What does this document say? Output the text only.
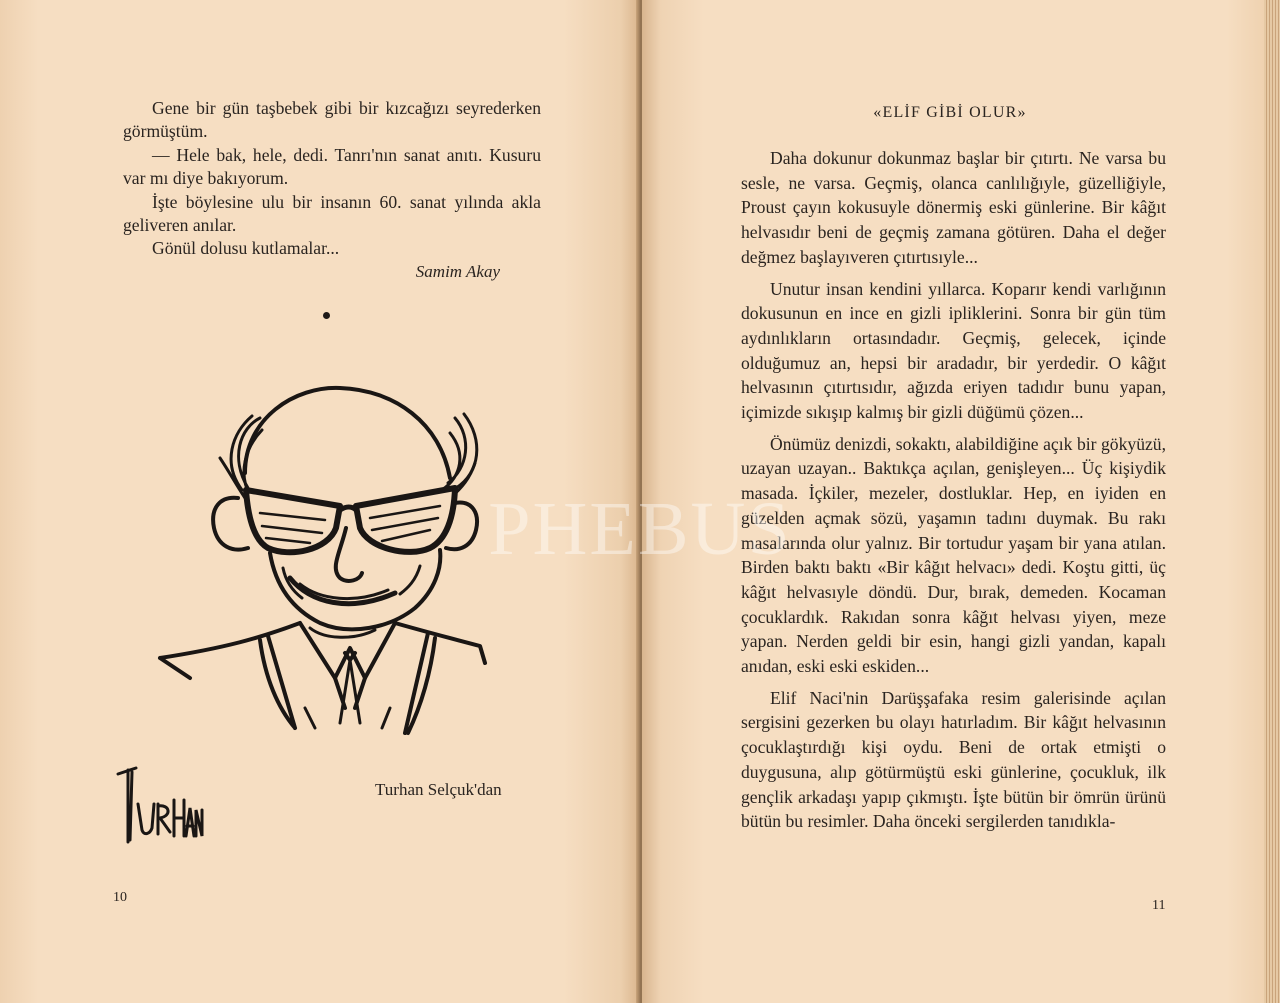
Gene bir gün taşbebek gibi bir kızcağızı seyrederken görmüştüm.

— Hele bak, hele, dedi. Tanrı'nın sanat anıtı. Kusuru var mı diye bakıyorum.

İşte böylesine ulu bir insanın 60. sanat yılında akla geliveren anılar.

Gönül dolusu kutlamalar...

Samim Akay
Turhan Selçuk'dan
10
«ELİF GİBİ OLUR»

Daha dokunur dokunmaz başlar bir çıtırtı. Ne varsa bu sesle, ne varsa. Geçmiş, olanca canlılığıyle, güzelliğiyle, Proust çayın kokusuyle dönermiş eski günlerine. Bir kâğıt helvasıdır beni de geçmiş zamana götüren. Daha el değer değmez başlayıveren çıtırtısıyle...

Unutur insan kendini yıllarca. Koparır kendi varlığının dokusunun en ince en gizli ipliklerini. Sonra bir gün tüm aydınlıkların ortasındadır. Geçmiş, gelecek, içinde olduğumuz an, hepsi bir aradadır, bir yerdedir. O kâğıt helvasının çıtırtısıdır, ağızda eriyen tadıdır bunu yapan, içimizde sıkışıp kalmış bir gizli düğümü çözen...

Önümüz denizdi, sokaktı, alabildiğine açık bir gökyüzü, uzayan uzayan.. Baktıkça açılan, genişleyen... Üç kişiydik masada. İçkiler, mezeler, dostluklar. Hep, en iyiden en güzelden açmak sözü, yaşamın tadını duymak. Bu rakı masalarında olur yalnız. Bir tortudur yaşam bir yana atılan. Birden baktı baktı «Bir kâğıt helvacı» dedi. Koştu gitti, üç kâğıt helvasıyle döndü. Dur, bırak, demeden. Kocaman çocuklardık. Rakıdan sonra kâğıt helvası yiyen, meze yapan. Nerden geldi bir esin, hangi gizli yandan, kapalı anıdan, eski eski eskiden...

Elif Naci'nin Darüşşafaka resim galerisinde açılan sergisini gezerken bu olayı hatırladım. Bir kâğıt helvasının çocuklaştırdığı kişi oydu. Beni de ortak etmişti o duygusuna, alıp götürmüştü eski günlerine, çocukluk, ilk gençlik arkadaşı yapıp çıkmıştı. İşte bütün bir ömrün ürünü bütün bu resimler. Daha önceki sergilerden tanıdıkla-

11
PHEBUS
